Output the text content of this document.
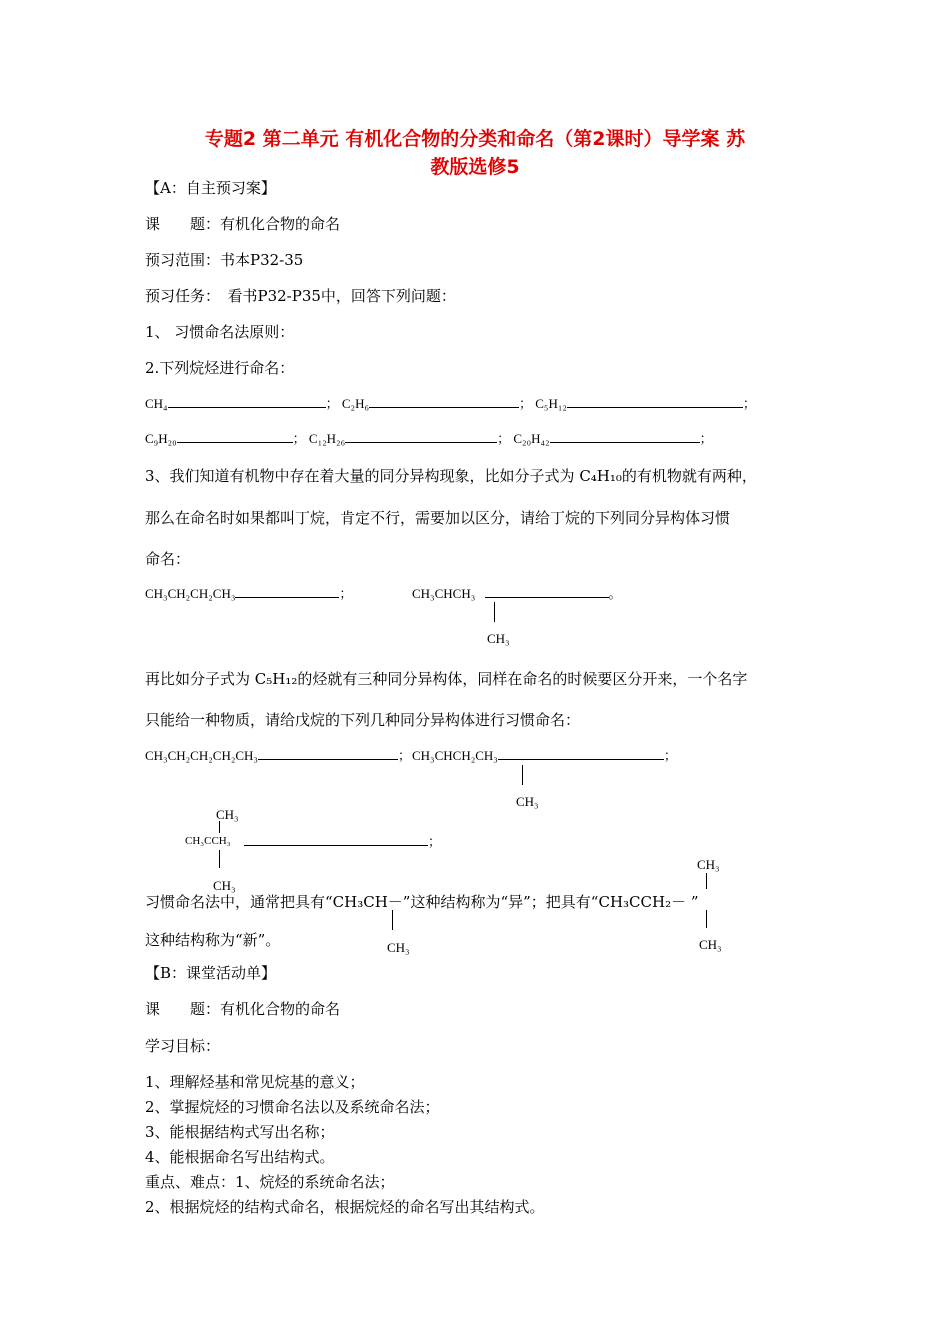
专题2 第二单元 有机化合物的分类和命名（第2课时）导学案 苏
教版选修5
【A：自主预习案】
课　　题：有机化合物的命名
预习范围：书本P32-35
预习任务：　看书P32-P35中，回答下列问题：
1、 习惯命名法原则：
2.下列烷烃进行命名：
CH₄	； C₂H₆	； C₅H₁₂	；
C₉H₂₀	； C₁₂H₂₆	； C₂₀H₄₂	；
3、我们知道有机物中存在着大量的同分异构现象，比如分子式为 C₄H₁₀的有机物就有两种，
那么在命名时如果都叫丁烷，肯定不行，需要加以区分，请给丁烷的下列同分异构体习惯
命名：
CH₃CH₂CH₂CH₃	；	CH₃CHCH₃	。
CH₃
再比如分子式为 C₅H₁₂的烃就有三种同分异构体，同样在命名的时候要区分开来，一个名字
只能给一种物质，请给戊烷的下列几种同分异构体进行习惯命名：
CH₃CH₂CH₂CH₂CH₃	； CH₃CHCH₂CH₃	；
CH₃
CH₃
CH₃CCH₃	；
CH₃
CH₃
习惯命名法中，通常把具有“CH₃CH－”这种结构称为“异”；把具有“CH₃CCH₂－ ”
这种结构称为“新”。	CH₃	CH₃
【B：课堂活动单】
课　　题：有机化合物的命名
学习目标：
1、理解烃基和常见烷基的意义；
2、掌握烷烃的习惯命名法以及系统命名法；
3、能根据结构式写出名称；
4、能根据命名写出结构式。
重点、难点：1、烷烃的系统命名法；
2、根据烷烃的结构式命名，根据烷烃的命名写出其结构式。
